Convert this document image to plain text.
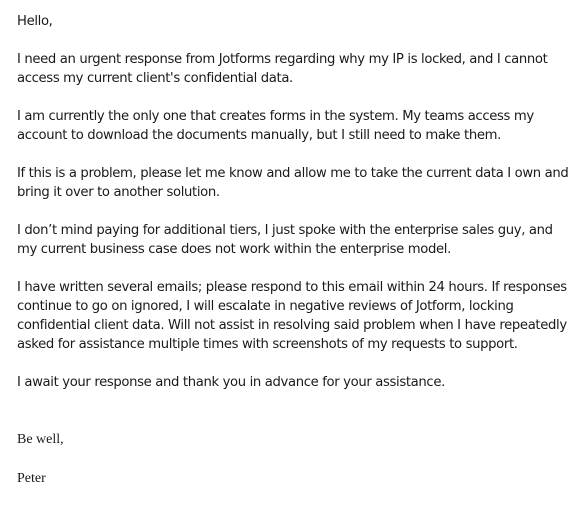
Hello,

I need an urgent response from Jotforms regarding why my IP is locked, and I cannot access my current client's confidential data.

I am currently the only one that creates forms in the system. My teams access my account to download the documents manually, but I still need to make them.

If this is a problem, please let me know and allow me to take the current data I own and bring it over to another solution.

I don’t mind paying for additional tiers, I just spoke with the enterprise sales guy, and my current business case does not work within the enterprise model.

I have written several emails; please respond to this email within 24 hours. If responses continue to go on ignored, I will escalate in negative reviews of Jotform, locking confidential client data. Will not assist in resolving said problem when I have repeatedly asked for assistance multiple times with screenshots of my requests to support.

I await your response and thank you in advance for your assistance.

Be well,
Peter
